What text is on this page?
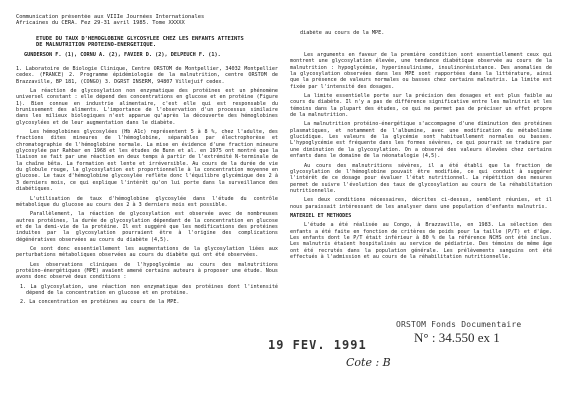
Communication présentée aux VIIIe Journées Internationales

Africaines du CERA. Fez 29-31 avril 1985. Tome XXXXX

ETUDE DU TAUX D'HEMOGLOBINE GLYCOSYLEE CHEZ LES ENFANTS ATTEINTS

DE MALNUTRITION PROTEINO-ENERGETIQUE.

diabète au cours de la MPE.

GUNDERSON F. (1), CORNU A. (2), FAVIER D. (2), DELPEUCH F. (1).

1. Laboratoire de Biologie Clinique, Centre ORSTOM de Montpellier, 34032 Montpellier cedex. (FRANCE) 2. Programme épidémiologie de la malnutrition, centre ORSTOM de Brazzaville, BP 181, (CONGO) 3. DGRST INSERM, 94807 Villejuif cedex.

La réaction de glycosylation non enzymatique des protéines est un phénomène universel constant : elle dépend des concentrations en glucose et en protéine (Figure 1). Bien connue en industrie alimentaire, c'est elle qui est responsable du brunissement des aliments. L'importance de l'observation d'un processus similaire dans les milieux biologiques n'est apparue qu'après la découverte des hémoglobines glycosylées et de leur augmentation dans le diabète.

Les hémoglobines glycosylées (Hb A1c) représentent 5 à 8 %, chez l'adulte, des fractions dites mineures de l'hémoglobine, séparables par électrophorèse et chromatographie de l'hémoglobine normale. La mise en évidence d'une fraction mineure glycosylée par Rahbar en 1968 et les études de Bunn et al. en 1975 ont montré que la liaison se fait par une réaction en deux temps à partir de l'extrémité N-terminale de la chaîne bêta. La formation est lente et irréversible. Au cours de la durée de vie du globule rouge, la glycosylation est proportionnelle à la concentration moyenne en glucose. Le taux d'hémoglobine glycosylée reflète donc l'équilibre glycémique des 2 à 3 derniers mois, ce qui explique l'intérêt qu'on lui porte dans la surveillance des diabétiques.

L'utilisation de taux d'hémoglobine glycosylée dans l'étude du contrôle métabolique du glucose au cours des 2 à 3 derniers mois est possible.

Parallèlement, la réaction de glycosylation est observée avec de nombreuses autres protéines, la durée de glycosylation dépendant de la concentration en glucose et de la demi-vie de la protéine. Il est suggéré que les modifications des protéines induites par la glycosylation pourraient être à l'origine des complications dégénératives observées au cours du diabète (4,5).

Ce sont donc essentiellement les augmentations de la glycosylation liées aux perturbations métaboliques observées au cours du diabète qui ont été observées.

Les observations cliniques de l'hypoglycémie au cours des malnutritions protéino-énergétiques (MPE) avaient amené certains auteurs à proposer une étude. Nous avons donc observé deux conditions :

1. La glycosylation, une réaction non enzymatique des protéines dont l'intensité dépend de la concentration en glucose et en protéine.

2. La concentration en protéines au cours de la MPE.

Les arguments en faveur de la première condition sont essentiellement ceux qui montrent une glycosylation élevée, une tendance diabétique observée au cours de la malnutrition : hypoglycémie, hyperinsulinisme, insulinorésistance. Des anomalies de la glycosylation observées dans les MPE sont rapportées dans la littérature, ainsi que la présence de valeurs normales ou basses chez certains malnutris. La limite est fixée par l'intensité des dosages.

La limite essentielle porte sur la précision des dosages et est plus faible au cours du diabète. Il n'y a pas de différence significative entre les malnutris et les témoins dans la plupart des études, ce qui ne permet pas de préciser un effet propre de la malnutrition.

La malnutrition protéino-énergétique s'accompagne d'une diminution des protéines plasmatiques, et notamment de l'albumine, avec une modification du métabolisme glucidique. Les valeurs de la glycémie sont habituellement normales ou basses. L'hypoglycémie est fréquente dans les formes sévères, ce qui pourrait se traduire par une diminution de la glycosylation. On a observé des valeurs élevées chez certains enfants dans le domaine de la néonatalogie (4,5).

Au cours des malnutritions sévères, il a été établi que la fraction de glycosylation de l'hémoglobine pouvait être modifiée, ce qui conduit à suggérer l'intérêt de ce dosage pour évaluer l'état nutritionnel. La répétition des mesures permet de suivre l'évolution des taux de glycosylation au cours de la réhabilitation nutritionnelle.

Les deux conditions nécessaires, décrites ci-dessus, semblent réunies, et il nous paraissait intéressant de les analyser dans une population d'enfants malnutris.

MATERIEL ET METHODES

L'étude a été réalisée au Congo, à Brazzaville, en 1983. La sélection des enfants a été faite en fonction de critères de poids pour la taille (P/T) et d'âge. Les enfants dont le P/T était inférieur à 80 % de la référence NCHS ont été inclus. Les malnutris étaient hospitalisés au service de pédiatrie. Des témoins de même âge ont été recrutés dans la population générale. Les prélèvements sanguins ont été effectués à l'admission et au cours de la réhabilitation nutritionnelle.

19 FEV. 1991
ORSTOM Fonds Documentaire
N° : 34.550 ex 1
Cote : B
